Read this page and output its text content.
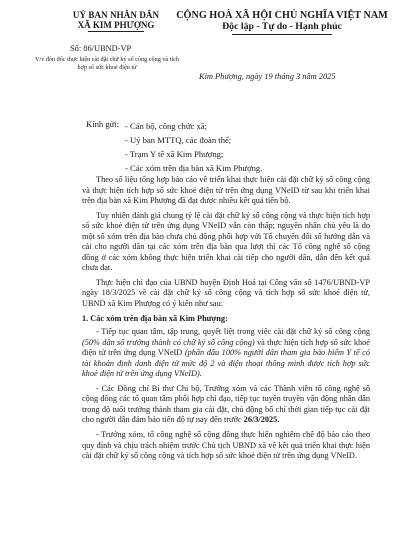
UỶ BAN NHÂN DÂN
XÃ KIM PHƯỢNG
CỘNG HOÀ XÃ HỘI CHỦ NGHĨA VIỆT NAM
Độc lập - Tự do - Hạnh phúc
Số: 86/UBND-VP
V/v đôn đốc thực hiện cài đặt chữ ký số công cộng và tích hợp sổ sức khoẻ điện tử
Kim Phượng, ngày 19 tháng 3 năm 2025
Kính gửi: - Cán bộ, công chức xã;
- Uỷ ban MTTQ, các đoàn thể;
- Trạm Y tế xã Kim Phượng;
- Các xóm trên địa bàn xã Kim Phượng.

Theo số liệu tổng hợp báo cáo về triển khai thực hiện cài đặt chữ ký số công cộng và thực hiện tích hợp sổ sức khoẻ điện tử trên ứng dụng VNeID từ sau khi triển khai trên địa bàn xã Kim Phượng đã đạt được nhiều kết quả tiến bộ.

Tuy nhiên đánh giá chung tỷ lệ cài đặt chữ ký số công cộng và thực hiện tích hợp sổ sức khoẻ điện tử trên ứng dụng VNeID vẫn còn thấp; nguyên nhân chủ yếu là do một số xóm trên địa bàn chưa chủ động phối hợp với Tổ chuyển đổi số hướng dẫn và cài cho người dân tại các xóm trên địa bàn qua lượt thì các Tổ công nghệ số cộng đồng ở các xóm không thực hiện triển khai cài tiếp cho người dân, dẫn đến kết quả chưa đạt.

Thực hiện chỉ đạo của UBND huyện Định Hoá tại Công văn số 1476/UBND-VP ngày 18/3/2025 về cài đặt chữ ký số công cộng và tích hợp sổ sức khoẻ điện tử, UBND xã Kim Phượng có ý kiến như sau:

1. Các xóm trên địa bàn xã Kim Phượng:

- Tiếp tục quan tâm, tập trung, quyết liệt trong việc cài đặt chữ ký số công cộng (50% dân số trưởng thành có chữ ký số công cộng) và thực hiện tích hợp sổ sức khoẻ điện tử trên ứng dụng VNeID (phấn đấu 100% người dân tham gia bảo hiểm Y tế có tài khoản định danh điện tử mức độ 2 và điện thoại thông minh được tích hợp sức khoẻ điện tử trên ứng dụng VNeID).

- Các Đồng chí Bí thư Chi bộ, Trưởng xóm và các Thành viên tổ công nghệ số cộng đồng các tổ quan tâm phối hợp chỉ đạo, tiếp tục tuyên truyền vận động nhân dân trong độ tuổi trưởng thành tham gia cài đặt, chủ động bố chí thời gian tiếp tục cài đặt cho người dân đảm bảo tiến độ tự nay đến trước 26/3/2025.

- Trưởng xóm, tổ công nghệ số cộng đồng thực hiện nghiêm chế độ báo cáo theo quy định và chịu trách nhiệm trước Chủ tịch UBND xã về kết quả triển khai thực hiện cài đặt chữ ký số công cộng và tích hợp sổ sức khoẻ điện tử trên ứng dụng VNeID.
